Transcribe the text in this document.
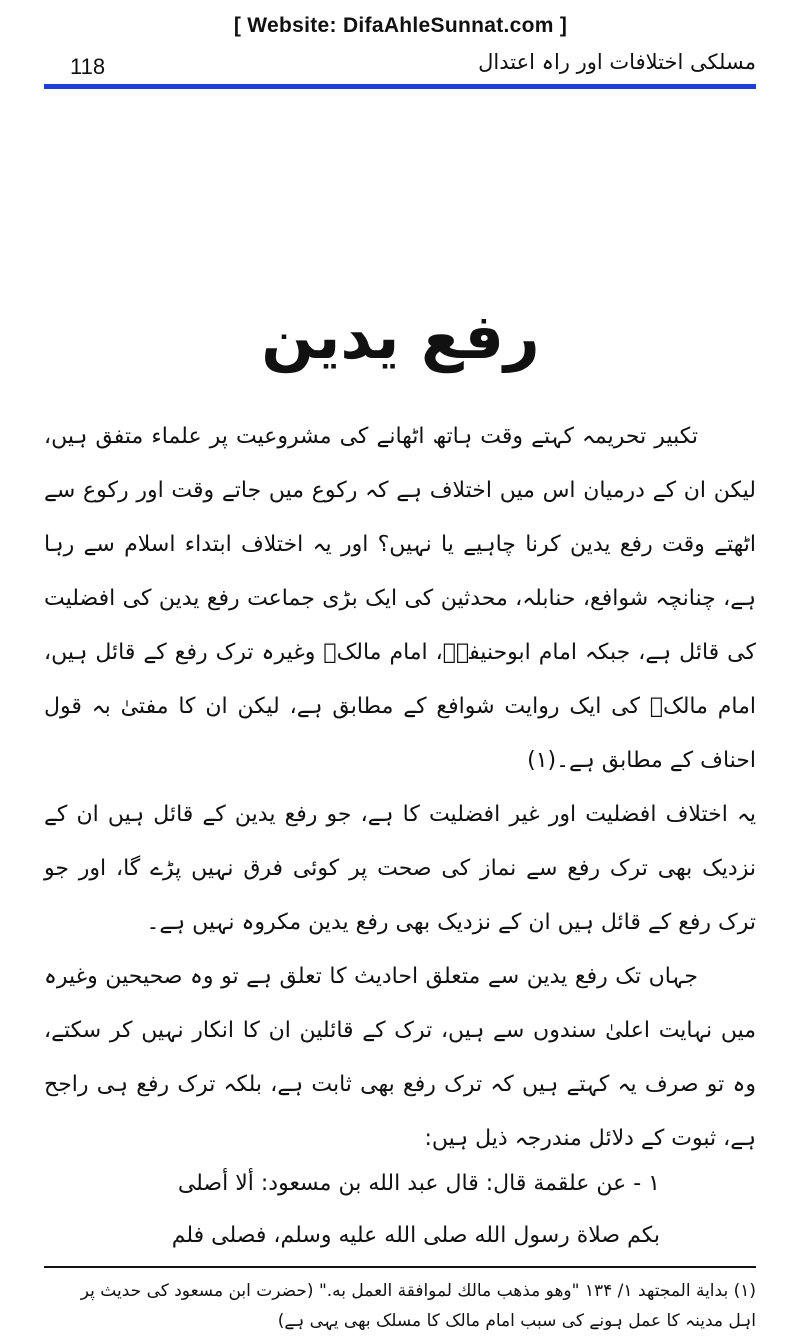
[ Website: DifaAhleSunnat.com ]
118	مسلکی اختلافات اور راہ اعتدال
رفع یدین

تکبیر تحریمہ کہتے وقت ہاتھ اٹھانے کی مشروعیت پر علماء متفق ہیں، لیکن ان کے درمیان اس میں اختلاف ہے کہ رکوع میں جاتے وقت اور رکوع سے اٹھتے وقت رفع یدین کرنا چاہیے یا نہیں؟ اور یہ اختلاف ابتداء اسلام سے رہا ہے، چنانچہ شوافع، حنابلہ، محدثین کی ایک بڑی جماعت رفع یدین کی افضلیت کی قائل ہے، جبکہ امام ابوحنیفہؒ، امام مالکؒ وغیرہ ترک رفع کے قائل ہیں، امام مالکؒ کی ایک روایت شوافع کے مطابق ہے، لیکن ان کا مفتیٰ بہ قول احناف کے مطابق ہے۔(۱)

یہ اختلاف افضلیت اور غیر افضلیت کا ہے، جو رفع یدین کے قائل ہیں ان کے نزدیک بھی ترک رفع سے نماز کی صحت پر کوئی فرق نہیں پڑے گا، اور جو ترک رفع کے قائل ہیں ان کے نزدیک بھی رفع یدین مکروہ نہیں ہے۔

جہاں تک رفع یدین سے متعلق احادیث کا تعلق ہے تو وہ صحیحین وغیرہ میں نہایت اعلیٰ سندوں سے ہیں، ترک کے قائلین ان کا انکار نہیں کر سکتے، وہ تو صرف یہ کہتے ہیں کہ ترک رفع بھی ثابت ہے، بلکہ ترک رفع ہی راجح ہے، ثبوت کے دلائل مندرجہ ذیل ہیں:

۱ - عن علقمة قال: قال عبد الله بن مسعود: ألا أصلی

بكم صلاة رسول الله صلى الله عليه وسلم، فصلى فلم

(۱) بداية المجتهد ۱/ ۱۳۴ "وهو مذهب مالك لموافقة العمل به." (حضرت ابن مسعود کی حدیث پر

اہل مدینہ کا عمل ہونے کی سبب امام مالک کا مسلک بھی یہی ہے)
